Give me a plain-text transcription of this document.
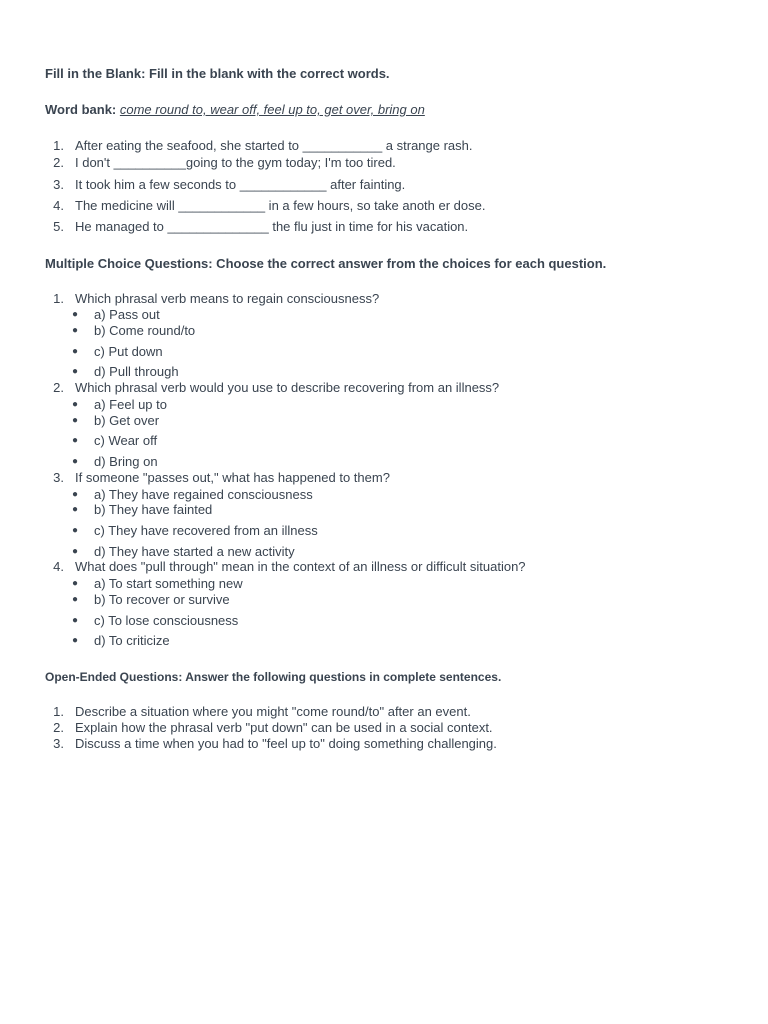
Fill in the Blank: Fill in the blank with the correct words.
Word bank: come round to, wear off, feel up to, get over, bring on
1. After eating the seafood, she started to ___________ a strange rash.
2. I don't __________going to the gym today; I'm too tired.
3. It took him a few seconds to ____________ after fainting.
4. The medicine will ____________ in a few hours, so take anoth er dose.
5. He managed to ______________ the flu just in time for his vacation.
Multiple Choice Questions: Choose the correct answer from the choices for each question.
1. Which phrasal verb means to regain consciousness?
● a) Pass out
● b) Come round/to
● c) Put down
● d) Pull through
2. Which phrasal verb would you use to describe recovering from an illness?
● a) Feel up to
● b) Get over
● c) Wear off
● d) Bring on
3. If someone "passes out," what has happened to them?
● a) They have regained consciousness
● b) They have fainted
● c) They have recovered from an illness
● d) They have started a new activity
4. What does "pull through" mean in the context of an illness or difficult situation?
● a) To start something new
● b) To recover or survive
● c) To lose consciousness
● d) To criticize
Open-Ended Questions: Answer the following questions in complete sentences.
1. Describe a situation where you might "come round/to" after an event.
2. Explain how the phrasal verb "put down" can be used in a social context.
3. Discuss a time when you had to "feel up to" doing something challenging.
